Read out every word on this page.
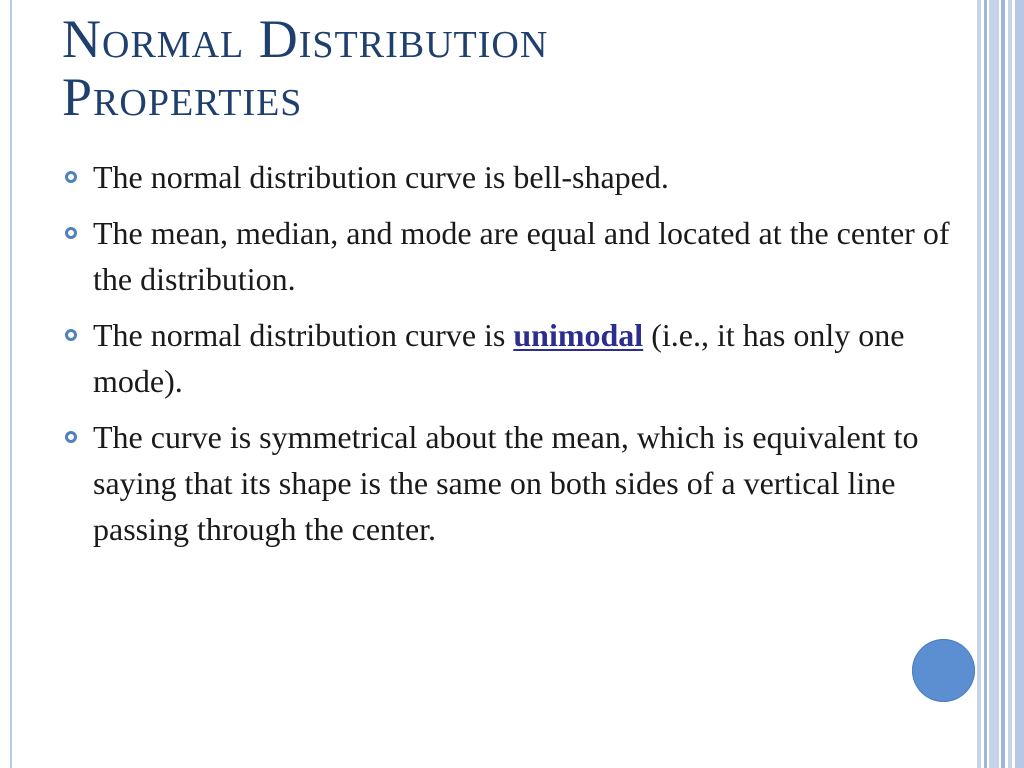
Normal Distribution
Properties
The normal distribution curve is bell-shaped.
The mean, median, and mode are equal and located at the center of the distribution.
The normal distribution curve is unimodal (i.e., it has only one mode).
The curve is symmetrical about the mean, which is equivalent to saying that its shape is the same on both sides of a vertical line passing through the center.
